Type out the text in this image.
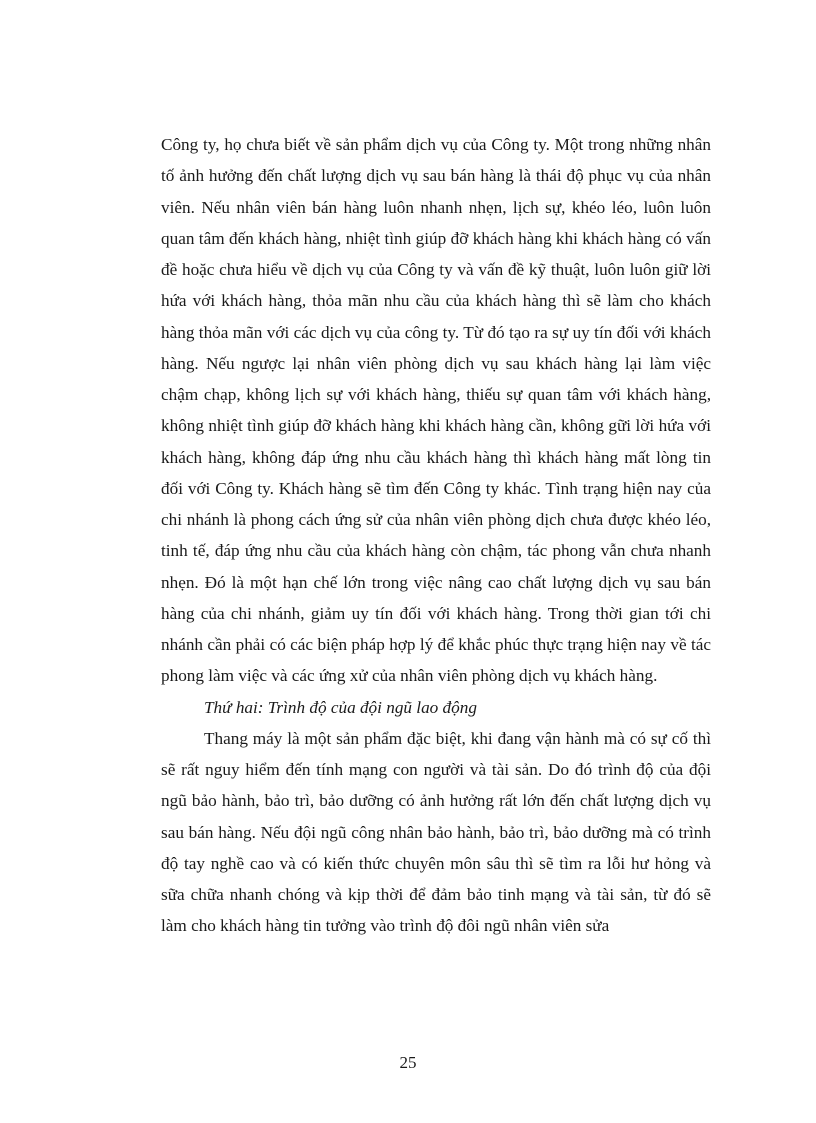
Công ty, họ chưa biết về sản phẩm dịch vụ của Công ty. Một trong những nhân tố ảnh hưởng đến chất lượng dịch vụ sau bán hàng là thái độ phục vụ của nhân viên. Nếu nhân viên bán hàng luôn nhanh nhẹn, lịch sự, khéo léo, luôn luôn quan tâm đến khách hàng, nhiệt tình giúp đỡ khách hàng khi khách hàng có vấn đề hoặc chưa hiểu về dịch vụ của Công ty và vấn đề kỹ thuật, luôn luôn giữ lời hứa với khách hàng, thỏa mãn nhu cầu của khách hàng thì sẽ làm cho khách hàng thỏa mãn với các dịch vụ của công ty. Từ đó tạo ra sự uy tín đối với khách hàng. Nếu ngược lại nhân viên phòng dịch vụ sau khách hàng lại làm việc chậm chạp, không lịch sự với khách hàng, thiếu sự quan tâm với khách hàng, không nhiệt tình giúp đỡ khách hàng khi khách hàng cần, không gữi lời hứa với khách hàng, không đáp ứng nhu cầu khách hàng thì khách hàng mất lòng tin đối với Công ty. Khách hàng sẽ tìm đến Công ty khác. Tình trạng hiện nay của chi nhánh là phong cách ứng sử của nhân viên phòng dịch chưa được khéo léo, tinh tế, đáp ứng nhu cầu của khách hàng còn chậm, tác phong vẫn chưa nhanh nhẹn. Đó là một hạn chế lớn trong việc nâng cao chất lượng dịch vụ sau bán hàng của chi nhánh, giảm uy tín đối với khách hàng. Trong thời gian tới chi nhánh cần phải có các biện pháp hợp lý để khắc phúc thực trạng hiện nay về tác phong làm việc và các ứng xử của nhân viên phòng dịch vụ khách hàng.

Thứ hai: Trình độ của đội ngũ lao động

Thang máy là một sản phẩm đặc biệt, khi đang vận hành mà có sự cố thì sẽ rất nguy hiểm đến tính mạng con người và tài sản. Do đó trình độ của đội ngũ bảo hành, bảo trì, bảo dưỡng có ảnh hưởng rất lớn đến chất lượng dịch vụ sau bán hàng. Nếu đội ngũ công nhân bảo hành, bảo trì, bảo dưỡng mà có trình độ tay nghề cao và có kiến thức chuyên môn sâu thì sẽ tìm ra lỗi hư hỏng và sữa chữa nhanh chóng và kịp thời để đảm bảo tinh mạng và tài sản, từ đó sẽ làm cho khách hàng tin tưởng vào trình độ đôi ngũ nhân viên sửa

25
